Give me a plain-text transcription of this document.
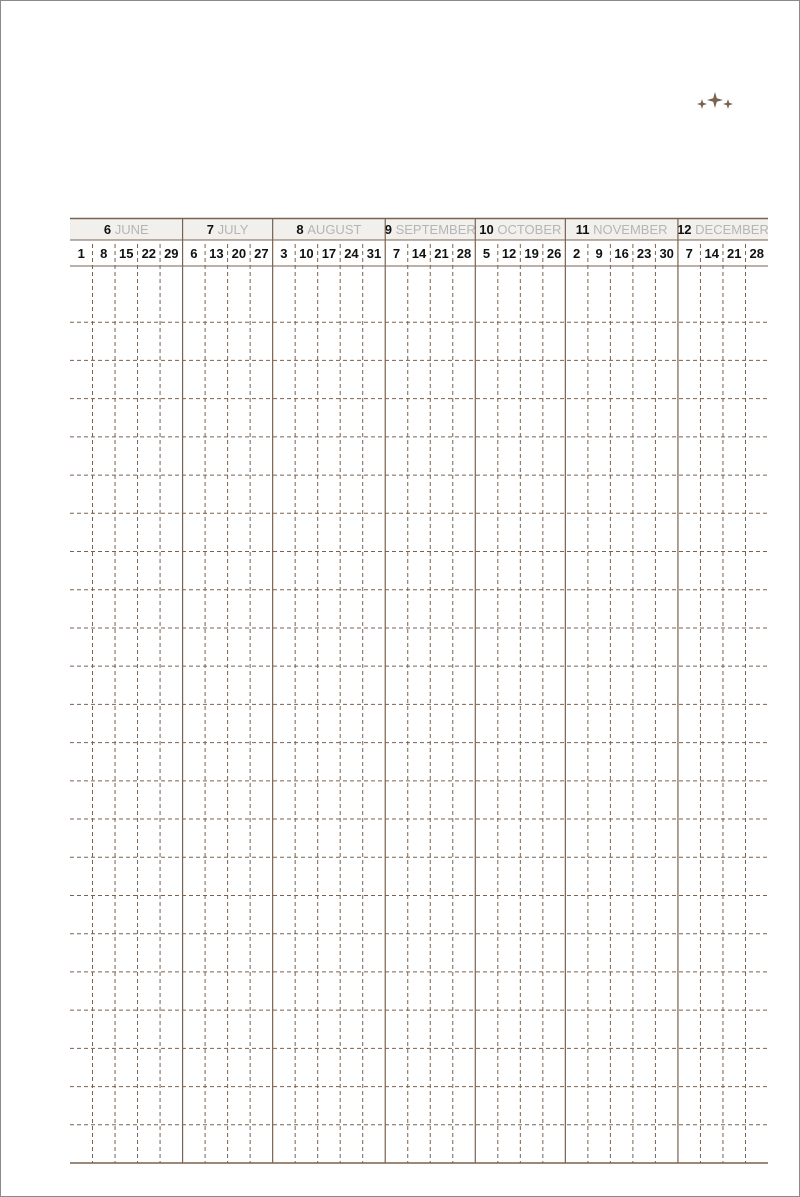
6 JUNE
1 8 15 22 29
7 JULY
6 13 20 27
8 AUGUST
3 10 17 24 31
9 SEPTEMBER
7 14 21 28
10 OCTOBER
5 12 19 26
11 NOVEMBER
2 9 16 23 30
12 DECEMBER
7 14 21 28
